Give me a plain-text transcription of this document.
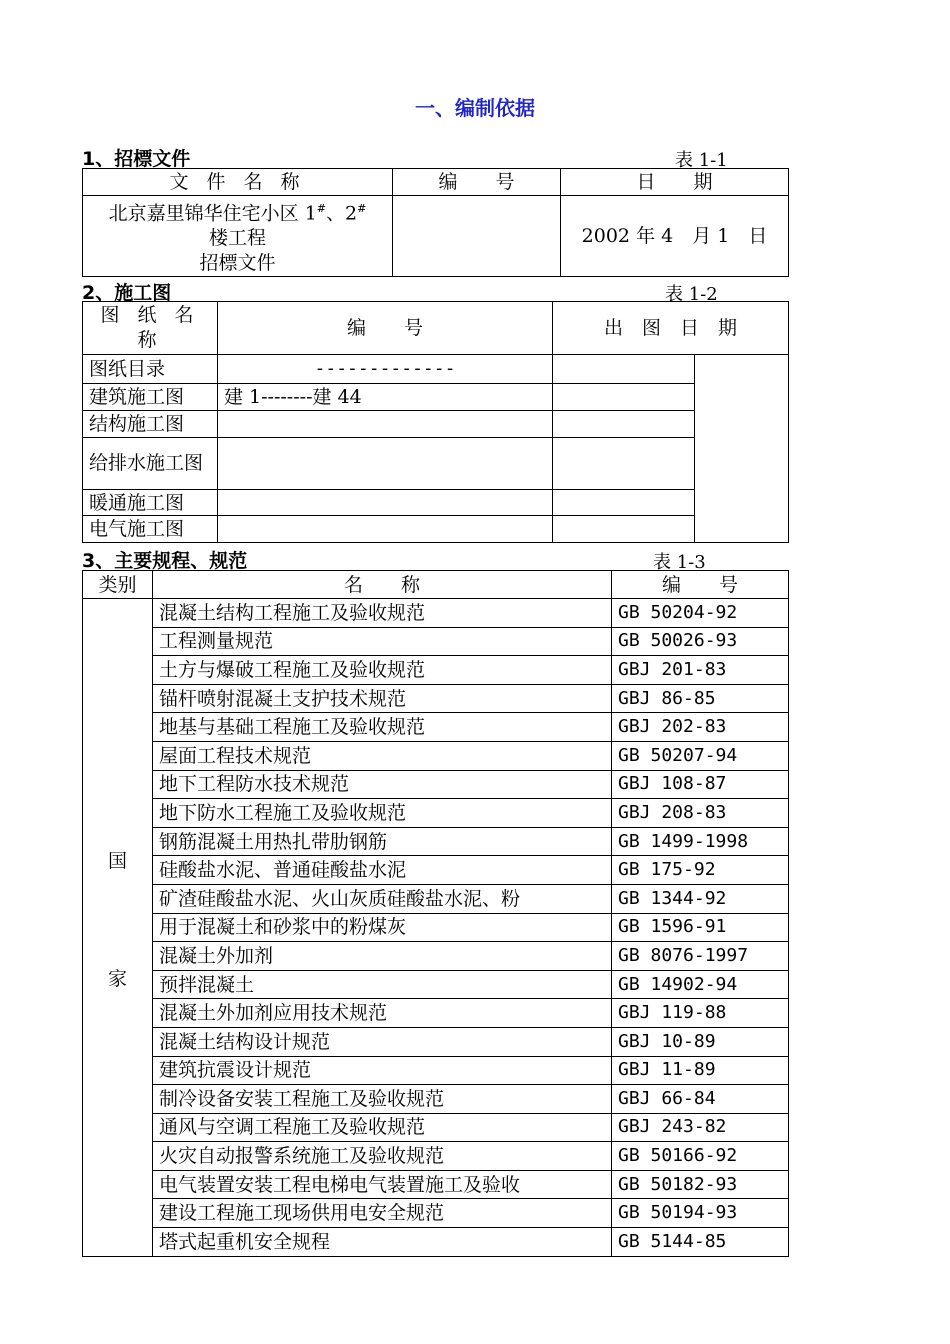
一、编制依据
1、招標文件	表 1-1
文 件 名 称	编　　号	日　　期
北京嘉里锦华住宅小区 1#、2#
楼工程
招標文件		2002 年 4　月 1　日
2、施工图	表 1-2
图 纸 名 称	编　　号	出　图　日　期	
图纸目录	-------------		
建筑施工图	建 1--------建 44		
结构施工图			
给排水施工图			
暖通施工图			
电气施工图			
3、主要规程、规范	表 1-3
类别	名　　称	编　　号

国
家	混凝土结构工程施工及验收规范	GB 50204-92
	工程测量规范	GB 50026-93
	土方与爆破工程施工及验收规范	GBJ 201-83
	锚杆喷射混凝土支护技术规范	GBJ 86-85
	地基与基础工程施工及验收规范	GBJ 202-83
	屋面工程技术规范	GB 50207-94
	地下工程防水技术规范	GBJ 108-87
	地下防水工程施工及验收规范	GBJ 208-83
	钢筋混凝土用热扎带肋钢筋	GB 1499-1998
	硅酸盐水泥、普通硅酸盐水泥	GB 175-92
	矿渣硅酸盐水泥、火山灰质硅酸盐水泥、粉	GB 1344-92
	用于混凝土和砂浆中的粉煤灰	GB 1596-91
	混凝土外加剂	GB 8076-1997
	预拌混凝土	GB 14902-94
	混凝土外加剂应用技术规范	GBJ 119-88
	混凝土结构设计规范	GBJ 10-89
	建筑抗震设计规范	GBJ 11-89
	制冷设备安装工程施工及验收规范	GBJ 66-84
	通风与空调工程施工及验收规范	GBJ 243-82
	火灾自动报警系统施工及验收规范	GB 50166-92
	电气装置安装工程电梯电气装置施工及验收	GB 50182-93
	建设工程施工现场供用电安全规范	GB 50194-93
	塔式起重机安全规程	GB 5144-85
